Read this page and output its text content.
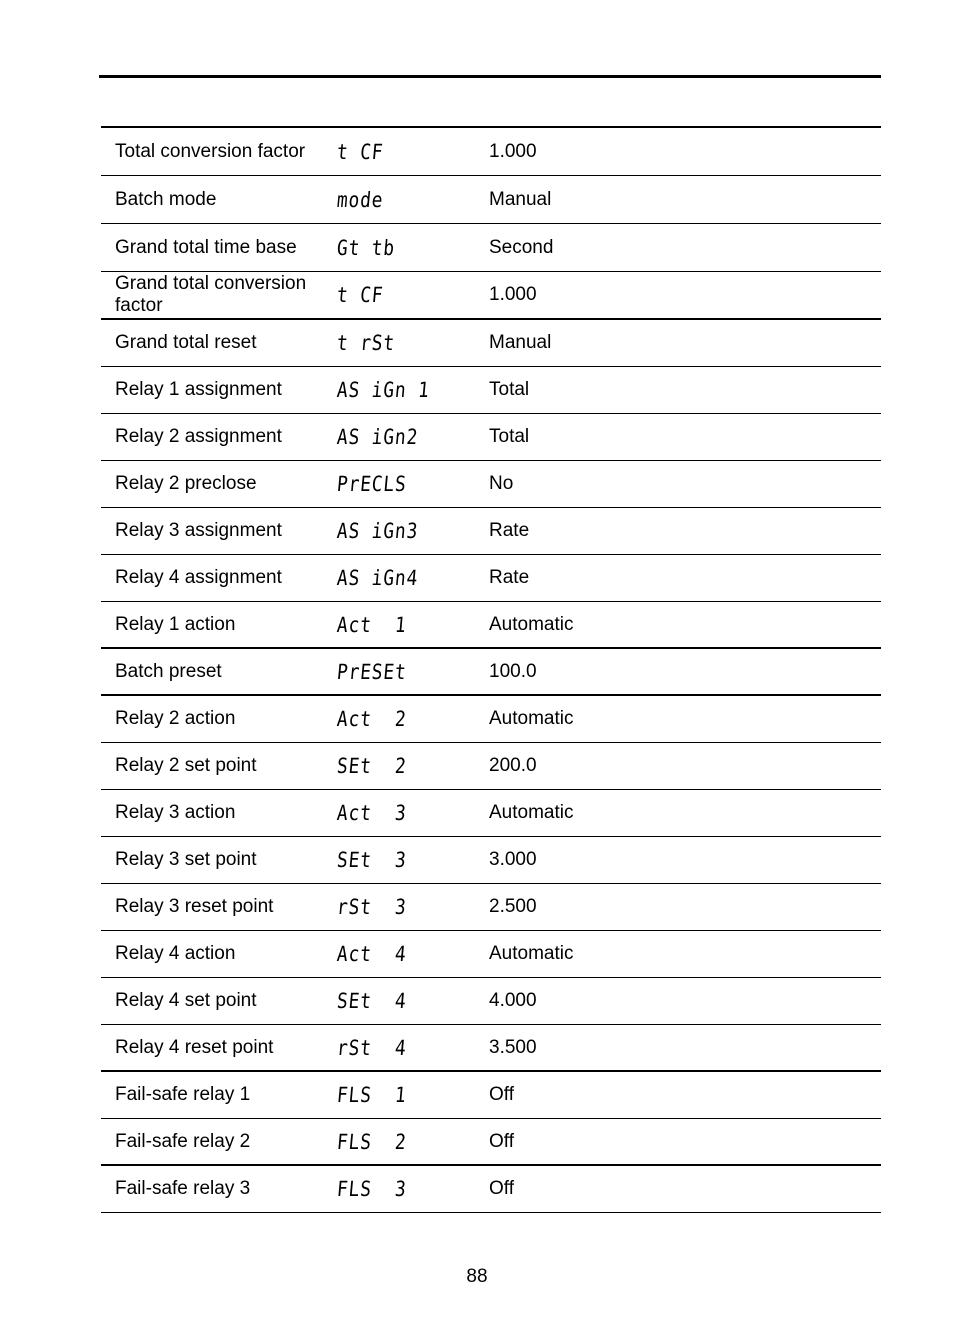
Total conversion factor	t CF	1.000
Batch mode	mode	Manual
Grand total time base	Gt tb	Second
Grand total conversion factor	t CF	1.000
Grand total reset	t rSt	Manual
Relay 1 assignment	AS iGn 1	Total
Relay 2 assignment	AS iGn2	Total
Relay 2 preclose	PrECLS	No
Relay 3 assignment	AS iGn3	Rate
Relay 4 assignment	AS iGn4	Rate
Relay 1 action	Act  1	Automatic
Batch preset	PrESEt	100.0
Relay 2 action	Act  2	Automatic
Relay 2 set point	SEt  2	200.0
Relay 3 action	Act  3	Automatic
Relay 3 set point	SEt  3	3.000
Relay 3 reset point	rSt  3	2.500
Relay 4 action	Act  4	Automatic
Relay 4 set point	SEt  4	4.000
Relay 4 reset point	rSt  4	3.500
Fail-safe relay 1	FLS  1	Off
Fail-safe relay 2	FLS  2	Off
Fail-safe relay 3	FLS  3	Off
88
